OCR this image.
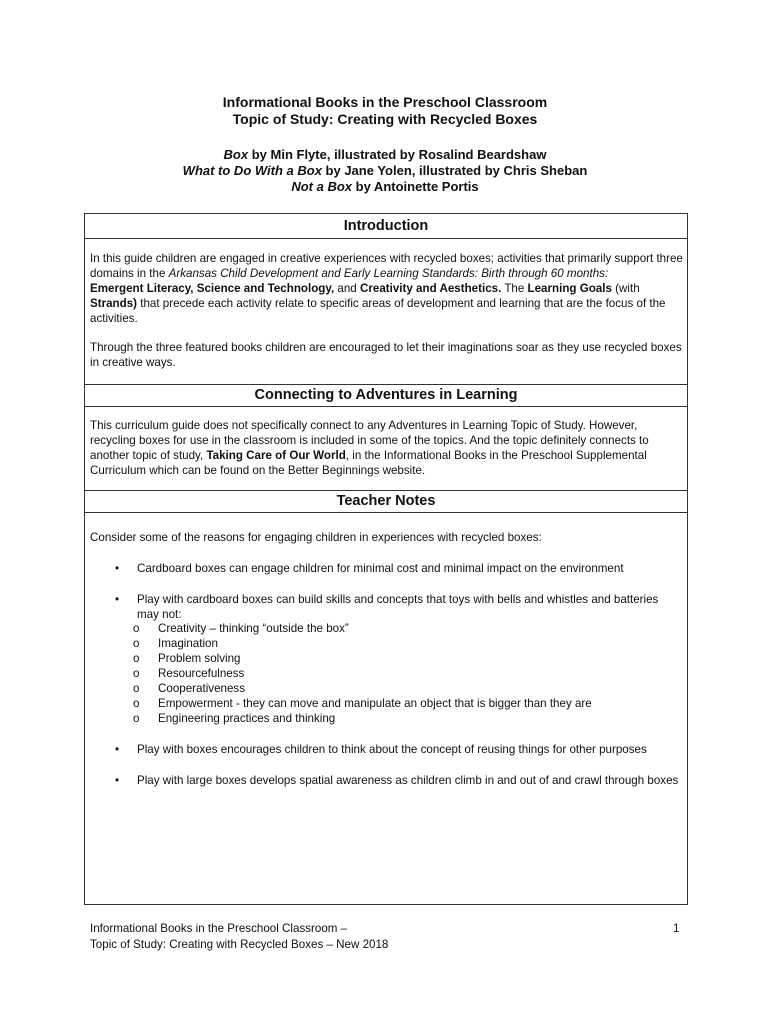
Informational Books in the Preschool Classroom
Topic of Study: Creating with Recycled Boxes
Box by Min Flyte, illustrated by Rosalind Beardshaw
What to Do With a Box by Jane Yolen, illustrated by Chris Sheban
Not a Box by Antoinette Portis
Introduction
In this guide children are engaged in creative experiences with recycled boxes; activities that primarily support three domains in the Arkansas Child Development and Early Learning Standards: Birth through 60 months:
Emergent Literacy, Science and Technology, and Creativity and Aesthetics. The Learning Goals (with Strands) that precede each activity relate to specific areas of development and learning that are the focus of the activities.
Through the three featured books children are encouraged to let their imaginations soar as they use recycled boxes in creative ways.
Connecting to Adventures in Learning
This curriculum guide does not specifically connect to any Adventures in Learning Topic of Study. However, recycling boxes for use in the classroom is included in some of the topics. And the topic definitely connects to another topic of study, Taking Care of Our World, in the Informational Books in the Preschool Supplemental Curriculum which can be found on the Better Beginnings website.
Teacher Notes
Consider some of the reasons for engaging children in experiences with recycled boxes:
• Cardboard boxes can engage children for minimal cost and minimal impact on the environment
• Play with cardboard boxes can build skills and concepts that toys with bells and whistles and batteries may not:
o Creativity – thinking “outside the box”
o Imagination
o Problem solving
o Resourcefulness
o Cooperativeness
o Empowerment - they can move and manipulate an object that is bigger than they are
o Engineering practices and thinking
• Play with boxes encourages children to think about the concept of reusing things for other purposes
• Play with large boxes develops spatial awareness as children climb in and out of and crawl through boxes
Informational Books in the Preschool Classroom –
Topic of Study: Creating with Recycled Boxes – New 2018
1
